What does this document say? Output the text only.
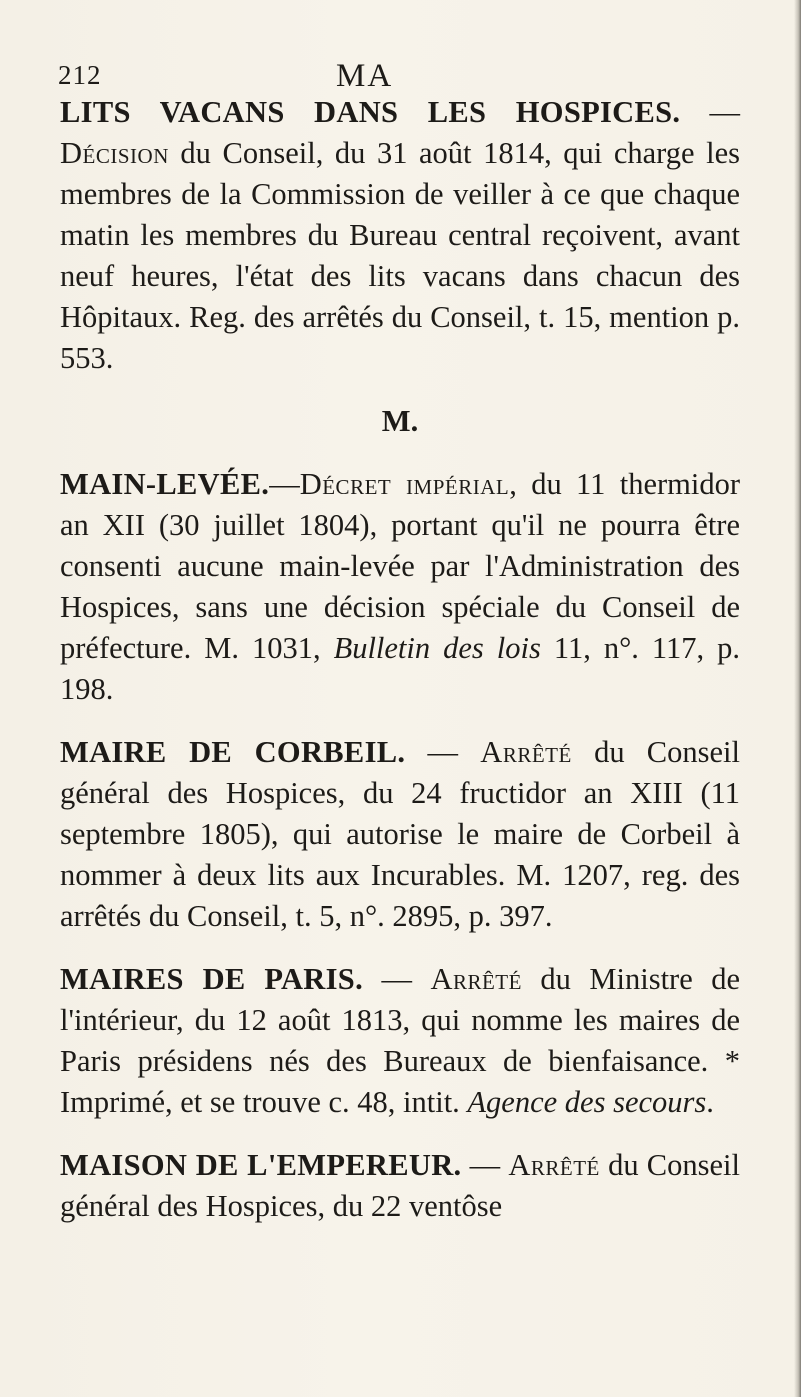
212	MA

LITS VACANS DANS LES HOSPICES. — Décision du Conseil, du 31 août 1814, qui charge les membres de la Commission de veiller à ce que chaque matin les membres du Bureau central reçoivent, avant neuf heures, l'état des lits vacans dans chacun des Hôpitaux. Reg. des arrêtés du Conseil, t. 15, mention p. 553.

M.

MAIN-LEVÉE.—Décret impérial, du 11 thermidor an XII (30 juillet 1804), portant qu'il ne pourra être consenti aucune main-levée par l'Administration des Hospices, sans une décision spéciale du Conseil de préfecture. M. 1031, Bulletin des lois 11, n°. 117, p. 198.

MAIRE DE CORBEIL. — Arrêté du Conseil général des Hospices, du 24 fructidor an XIII (11 septembre 1805), qui autorise le maire de Corbeil à nommer à deux lits aux Incurables. M. 1207, reg. des arrêtés du Conseil, t. 5, n°. 2895, p. 397.

MAIRES DE PARIS. — Arrêté du Ministre de l'intérieur, du 12 août 1813, qui nomme les maires de Paris présidens nés des Bureaux de bienfaisance. * Imprimé, et se trouve c. 48, intit. Agence des secours.

MAISON DE L'EMPEREUR. — Arrêté du Conseil général des Hospices, du 22 ventôse
